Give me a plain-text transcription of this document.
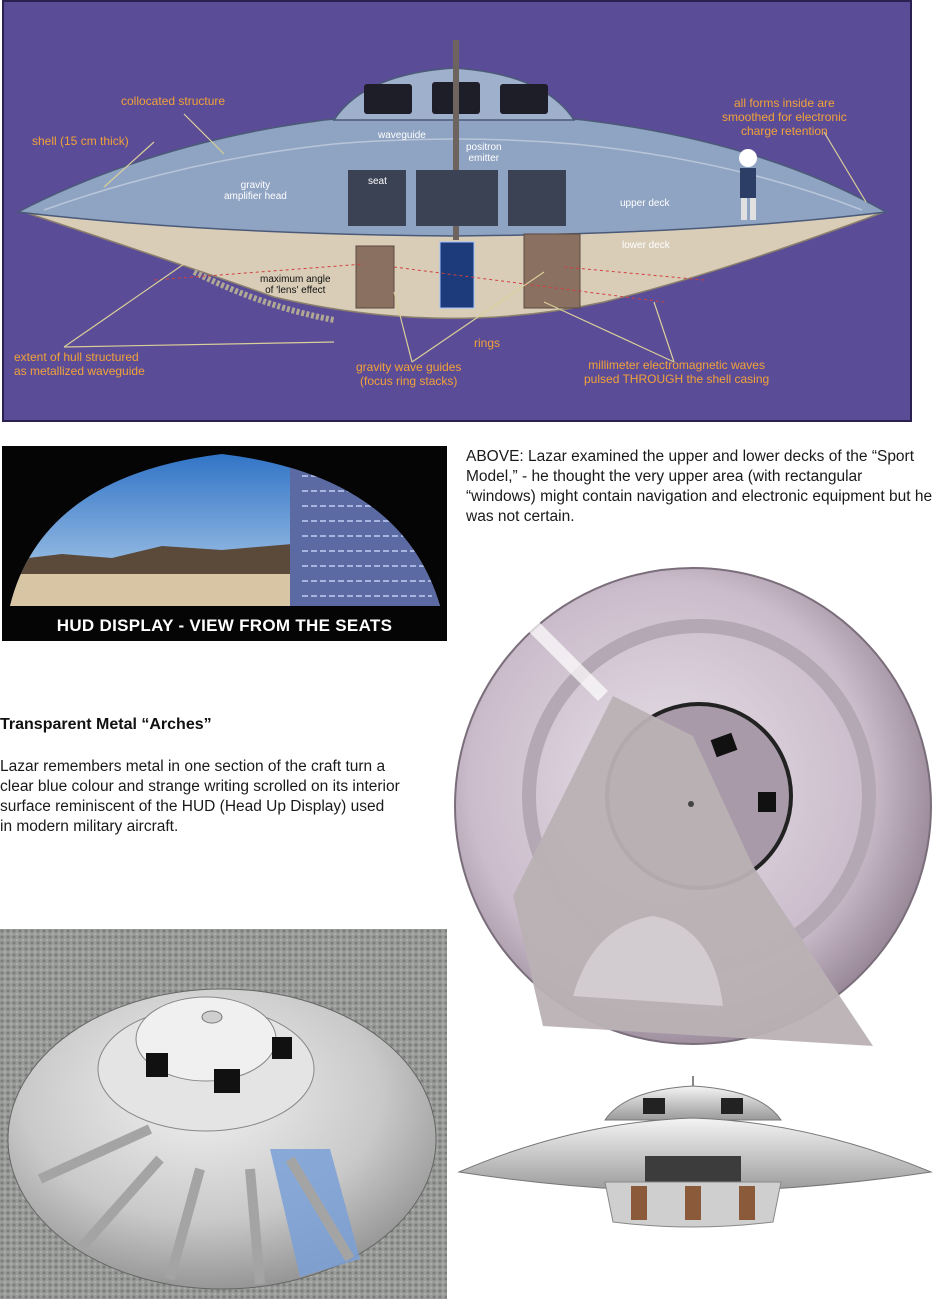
collocated structure
shell (15 cm thick)	waveguide
positron
emitter
gravity
amplifier head
seat
all forms inside are
smoothed for electronic
charge retention
upper deck
lower deck
maximum angle
of 'lens' effect
rings
extent of hull structured
as metallized waveguide	gravity wave guides
(focus ring stacks)
millimeter electromagnetic waves
pulsed THROUGH the shell casing
HUD DISPLAY - VIEW FROM THE SEATS
ABOVE: Lazar examined the upper and lower decks of the “Sport Model,” - he thought the very upper area (with rectangular “windows) might contain navigation and electronic equipment but he was not certain.
Transparent Metal “Arches”
Lazar remembers metal in one section of the craft turn a clear blue colour and strange writing scrolled on its interior surface reminiscent of the HUD (Head Up Display) used in modern military aircraft.
